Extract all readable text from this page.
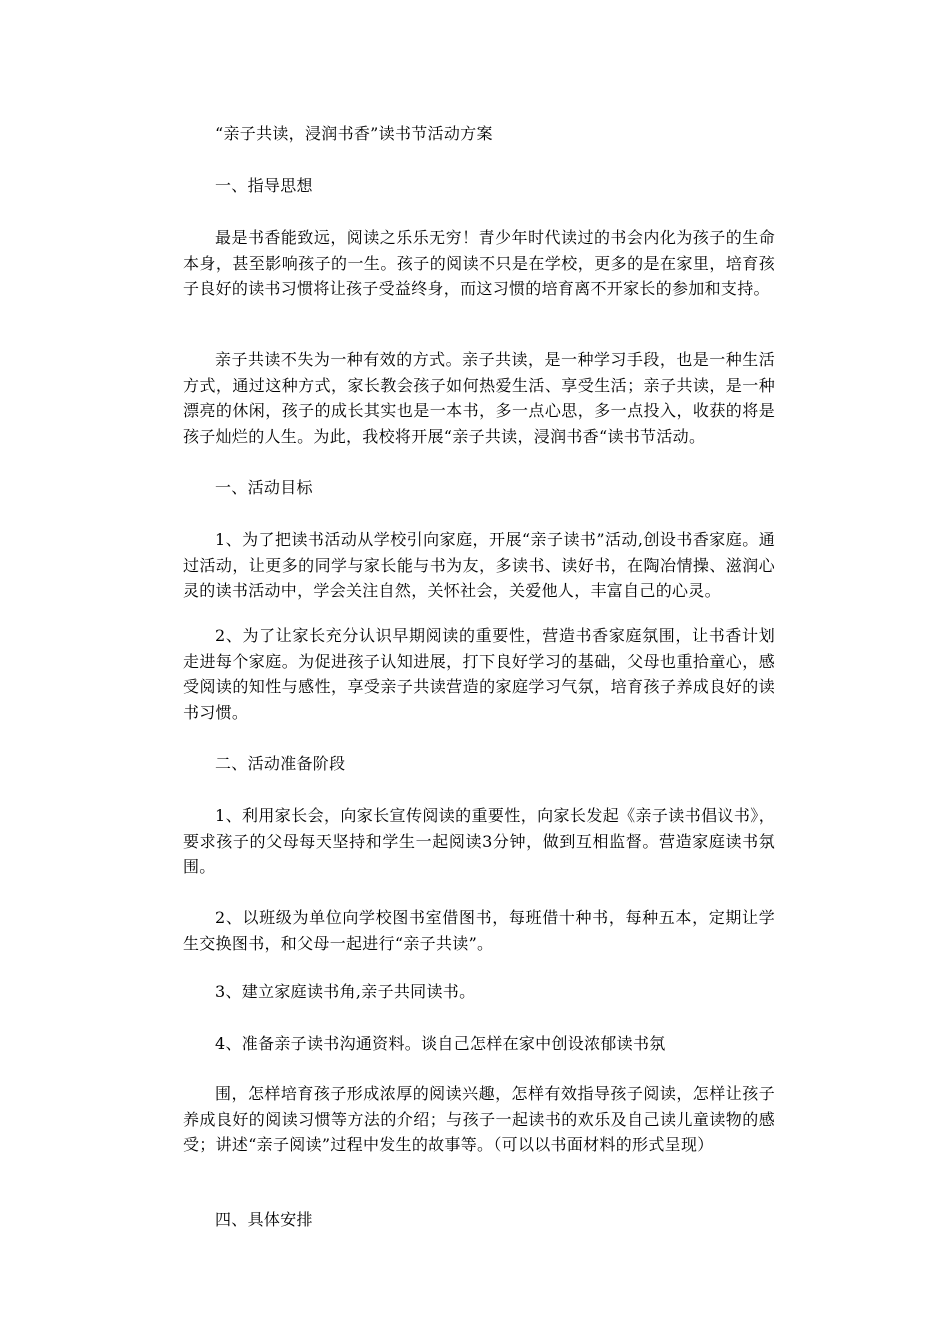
“亲子共读，浸润书香”读书节活动方案

一、指导思想

最是书香能致远，阅读之乐乐无穷！青少年时代读过的书会内化为孩子的生命本身，甚至影响孩子的一生。孩子的阅读不只是在学校，更多的是在家里，培育孩子良好的读书习惯将让孩子受益终身，而这习惯的培育离不开家长的参加和支持。

亲子共读不失为一种有效的方式。亲子共读，是一种学习手段，也是一种生活方式，通过这种方式，家长教会孩子如何热爱生活、享受生活；亲子共读，是一种漂亮的休闲，孩子的成长其实也是一本书，多一点心思，多一点投入，收获的将是孩子灿烂的人生。为此，我校将开展“亲子共读，浸润书香“读书节活动。

一、活动目标

1、为了把读书活动从学校引向家庭，开展“亲子读书”活动,创设书香家庭。通过活动，让更多的同学与家长能与书为友，多读书、读好书，在陶冶情操、滋润心灵的读书活动中，学会关注自然，关怀社会，关爱他人，丰富自己的心灵。

2、为了让家长充分认识早期阅读的重要性，营造书香家庭氛围，让书香计划走进每个家庭。为促进孩子认知进展，打下良好学习的基础，父母也重拾童心，感受阅读的知性与感性，享受亲子共读营造的家庭学习气氛，培育孩子养成良好的读书习惯。

二、活动准备阶段

1、利用家长会，向家长宣传阅读的重要性，向家长发起《亲子读书倡议书》，要求孩子的父母每天坚持和学生一起阅读3分钟，做到互相监督。营造家庭读书氛围。

2、以班级为单位向学校图书室借图书，每班借十种书，每种五本，定期让学生交换图书，和父母一起进行“亲子共读”。

3、建立家庭读书角,亲子共同读书。

4、准备亲子读书沟通资料。谈自己怎样在家中创设浓郁读书氛

围，怎样培育孩子形成浓厚的阅读兴趣，怎样有效指导孩子阅读，怎样让孩子养成良好的阅读习惯等方法的介绍；与孩子一起读书的欢乐及自己读儿童读物的感受；讲述“亲子阅读”过程中发生的故事等。（可以以书面材料的形式呈现）

四、具体安排
